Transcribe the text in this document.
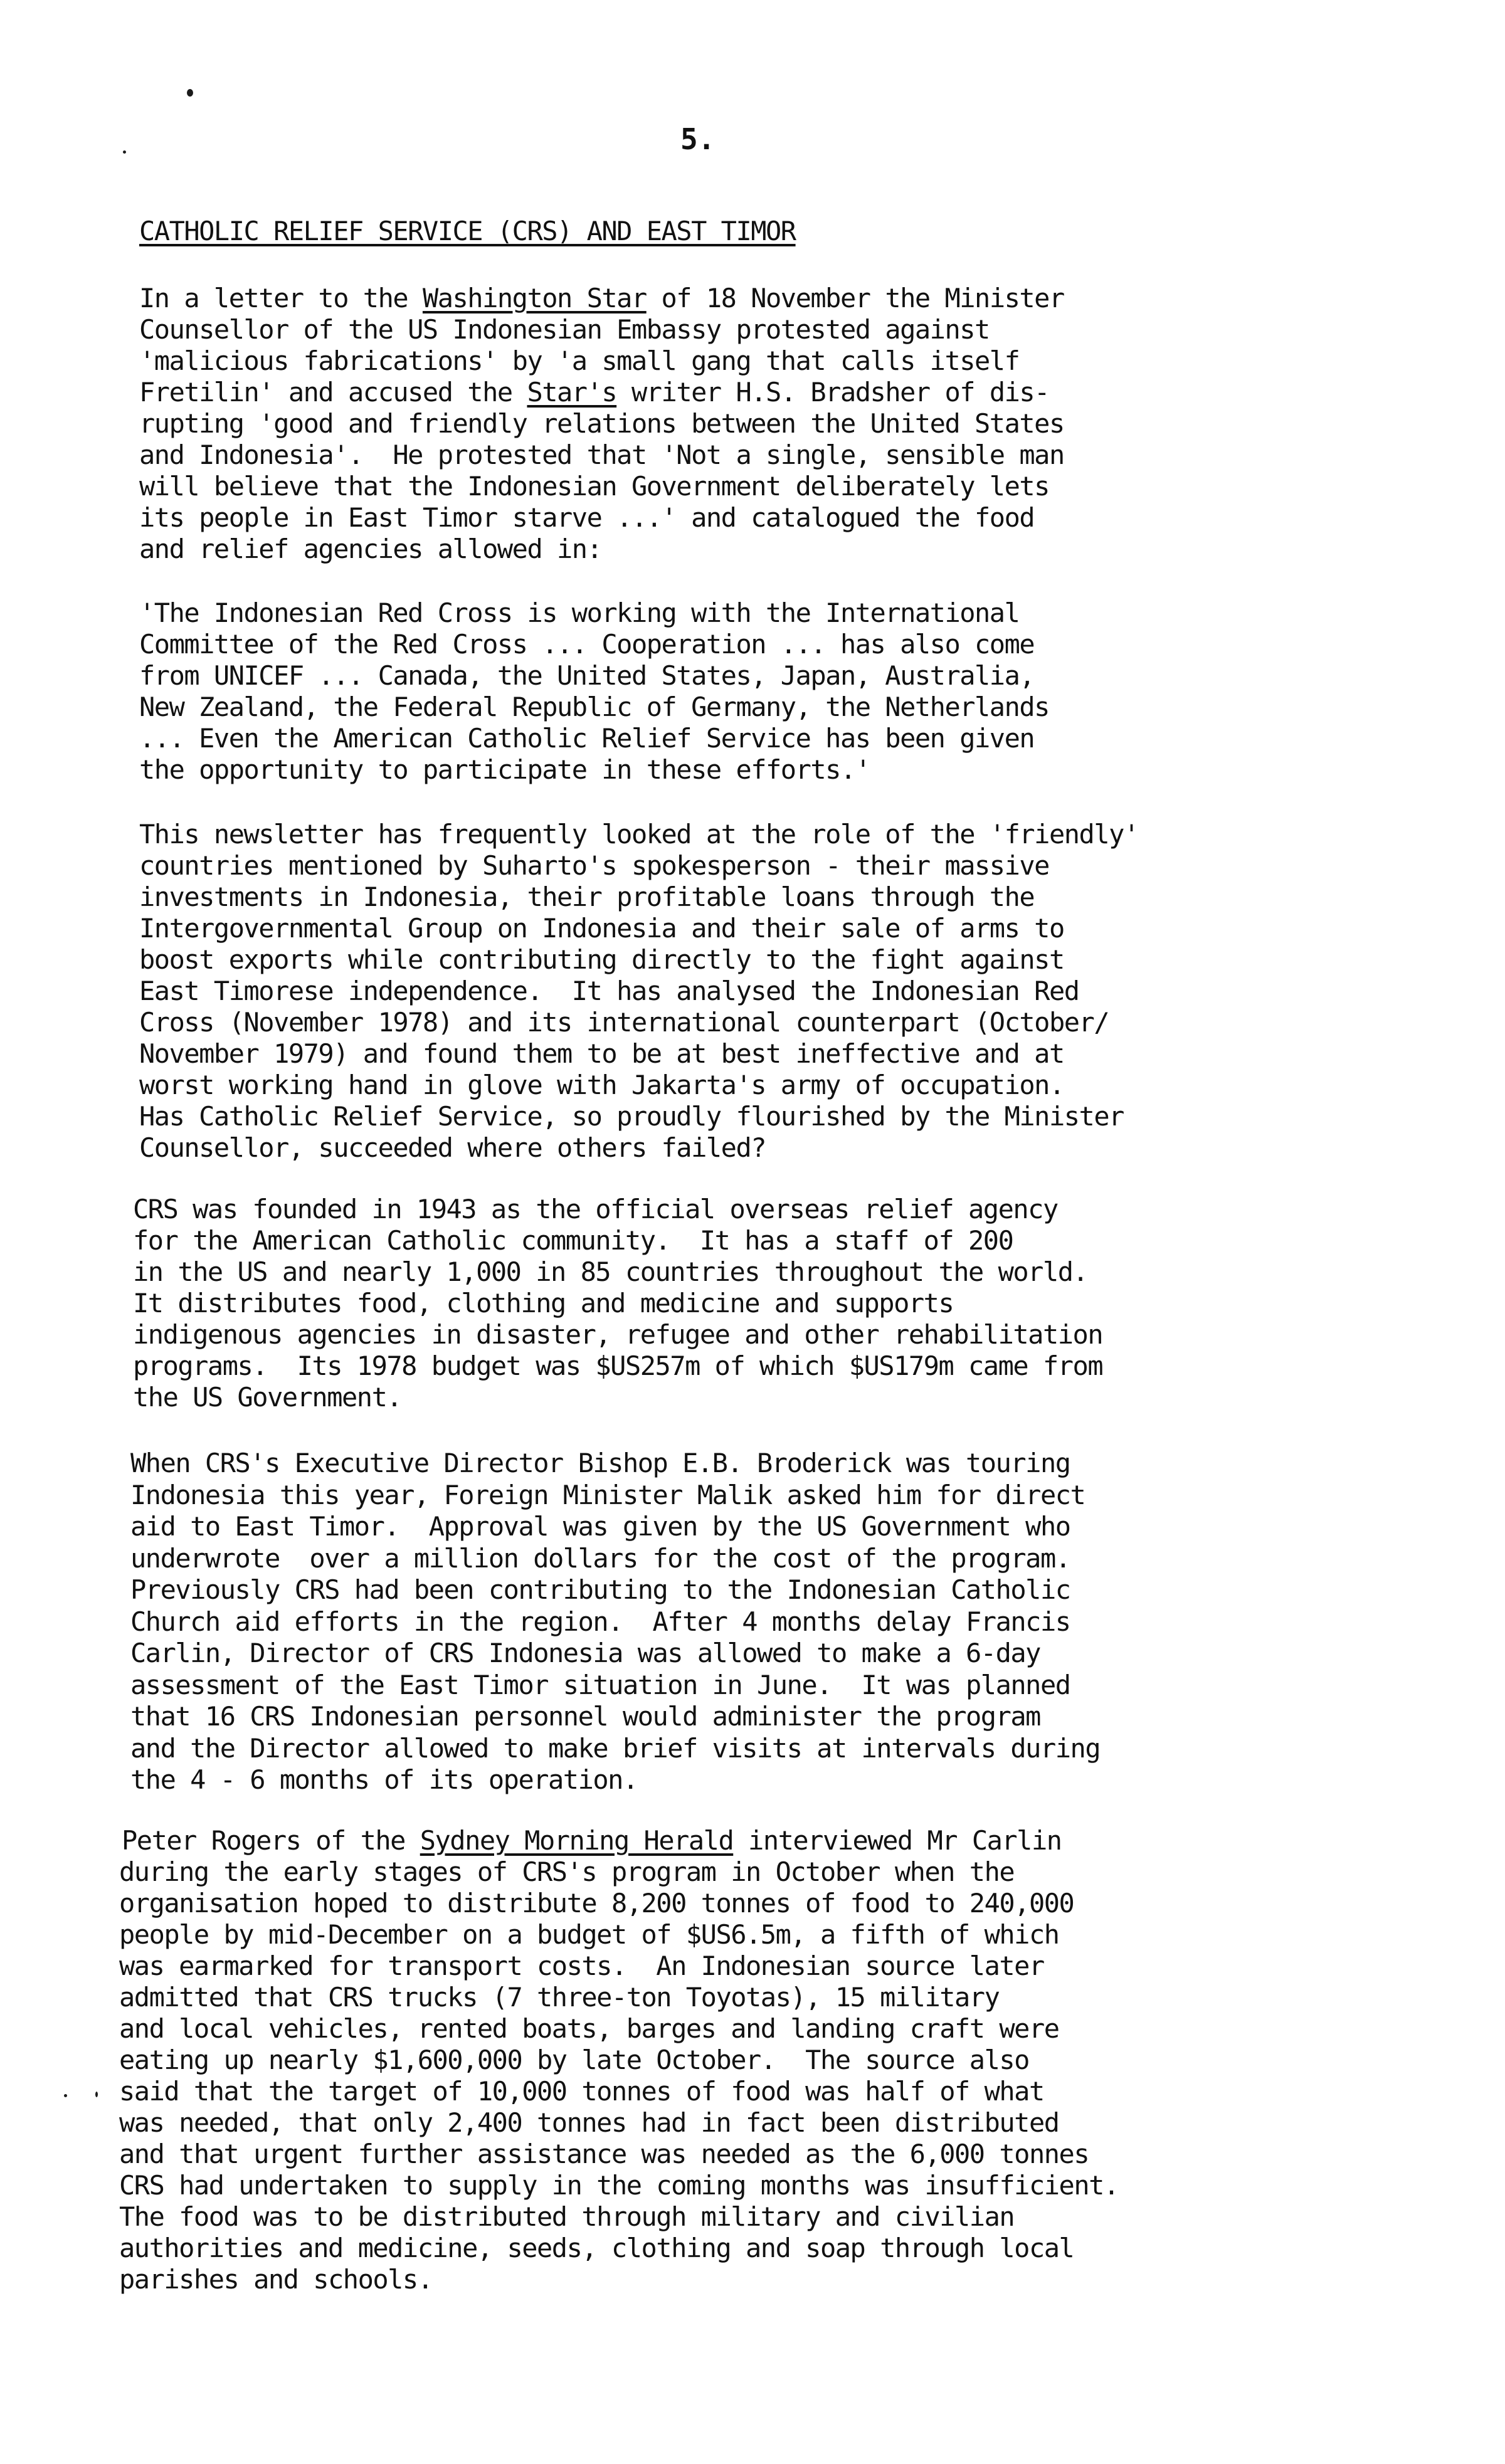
5.
CATHOLIC RELIEF SERVICE (CRS) AND EAST TIMOR
In a letter to the Washington Star of 18 November the Minister
Counsellor of the US Indonesian Embassy protested against
'malicious fabrications' by 'a small gang that calls itself
Fretilin' and accused the Star's writer H.S. Bradsher of dis-
rupting 'good and friendly relations between the United States
and Indonesia'.  He protested that 'Not a single, sensible man
will believe that the Indonesian Government deliberately lets
its people in East Timor starve ...' and catalogued the food
and relief agencies allowed in:
'The Indonesian Red Cross is working with the International
Committee of the Red Cross ... Cooperation ... has also come
from UNICEF ... Canada, the United States, Japan, Australia,
New Zealand, the Federal Republic of Germany, the Netherlands
... Even the American Catholic Relief Service has been given
the opportunity to participate in these efforts.'
This newsletter has frequently looked at the role of the 'friendly'
countries mentioned by Suharto's spokesperson - their massive
investments in Indonesia, their profitable loans through the
Intergovernmental Group on Indonesia and their sale of arms to
boost exports while contributing directly to the fight against
East Timorese independence.  It has analysed the Indonesian Red
Cross (November 1978) and its international counterpart (October/
November 1979) and found them to be at best ineffective and at
worst working hand in glove with Jakarta's army of occupation.
Has Catholic Relief Service, so proudly flourished by the Minister
Counsellor, succeeded where others failed?
CRS was founded in 1943 as the official overseas relief agency
for the American Catholic community.  It has a staff of 200
in the US and nearly 1,000 in 85 countries throughout the world.
It distributes food, clothing and medicine and supports
indigenous agencies in disaster, refugee and other rehabilitation
programs.  Its 1978 budget was $US257m of which $US179m came from
the US Government.
When CRS's Executive Director Bishop E.B. Broderick was touring
Indonesia this year, Foreign Minister Malik asked him for direct
aid to East Timor.  Approval was given by the US Government who
underwrote  over a million dollars for the cost of the program.
Previously CRS had been contributing to the Indonesian Catholic
Church aid efforts in the region.  After 4 months delay Francis
Carlin, Director of CRS Indonesia was allowed to make a 6-day
assessment of the East Timor situation in June.  It was planned
that 16 CRS Indonesian personnel would administer the program
and the Director allowed to make brief visits at intervals during
the 4 - 6 months of its operation.
Peter Rogers of the Sydney Morning Herald interviewed Mr Carlin
during the early stages of CRS's program in October when the
organisation hoped to distribute 8,200 tonnes of food to 240,000
people by mid-December on a budget of $US6.5m, a fifth of which
was earmarked for transport costs.  An Indonesian source later
admitted that CRS trucks (7 three-ton Toyotas), 15 military
and local vehicles, rented boats, barges and landing craft were
eating up nearly $1,600,000 by late October.  The source also
said that the target of 10,000 tonnes of food was half of what
was needed, that only 2,400 tonnes had in fact been distributed
and that urgent further assistance was needed as the 6,000 tonnes
CRS had undertaken to supply in the coming months was insufficient.
The food was to be distributed through military and civilian
authorities and medicine, seeds, clothing and soap through local
parishes and schools.
